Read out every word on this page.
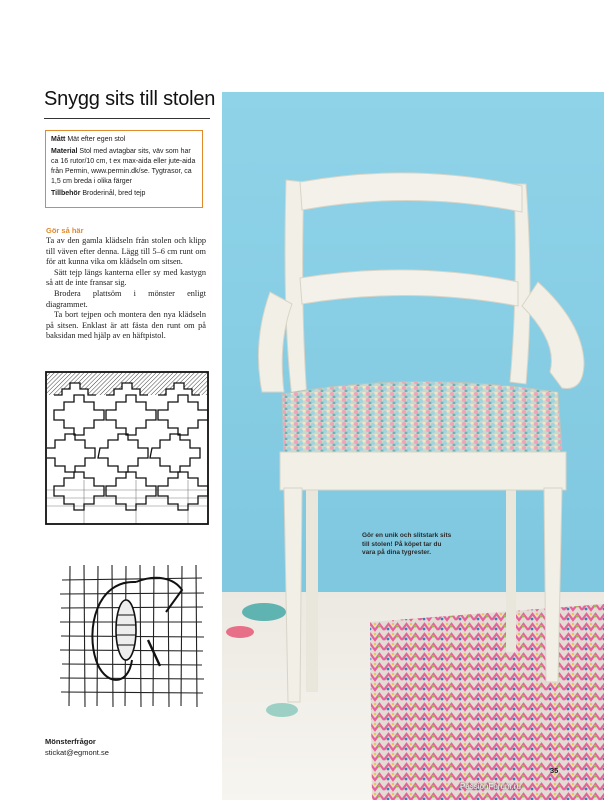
Snygg sits till stolen

Mått Mät efter egen stol

Material Stol med avtagbar sits, väv som har ca 16 rutor/10 cm, t ex max-aida eller jute-aida från Permin, www.permin.dk/se. Tygtrasor, ca 1,5 cm breda i olika färger

Tillbehör Broderinål, bred tejp

Gör så här

Ta av den gamla klädseln från stolen och klipp till väven efter denna. Lägg till 5–6 cm runt om för att kunna vika om klädseln om sitsen.

Sätt tejp längs kanterna eller sy med kastygn så att de inte fransar sig.

Brodera plattsöm i mönster enligt diagrammet.

Ta bort tejpen och montera den nya klädseln på sitsen. Enklast är att fästa den runt om på baksidan med hjälp av en häftpistol.

Mönsterfrågor
stickat@egmont.se
Gör en unik och slitstark sits till stolen! På köpet tar du vara på dina tygrester.
35
PassionForum.ru
